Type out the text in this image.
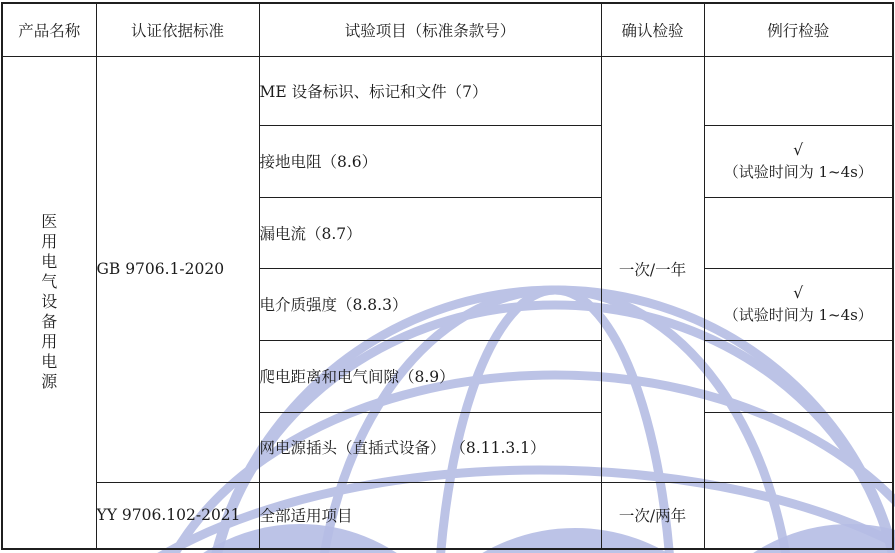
产品名称	认证依据标准	试验项目（标准条款号）	确认检验	例行检验
医用电气设备用电源	GB 9706.1-2020	ME 设备标识、标记和文件（7）	一次/一年	

		接地电阻（8.6）		√
（试验时间为 1~4s）

		漏电流（8.7）		

		电介质强度（8.8.3）		√
（试验时间为 1~4s）

		爬电距离和电气间隙（8.9）		

		网电源插头（直插式设备） （8.11.3.1）		

	YY 9706.102-2021	全部适用项目	一次/两年	
